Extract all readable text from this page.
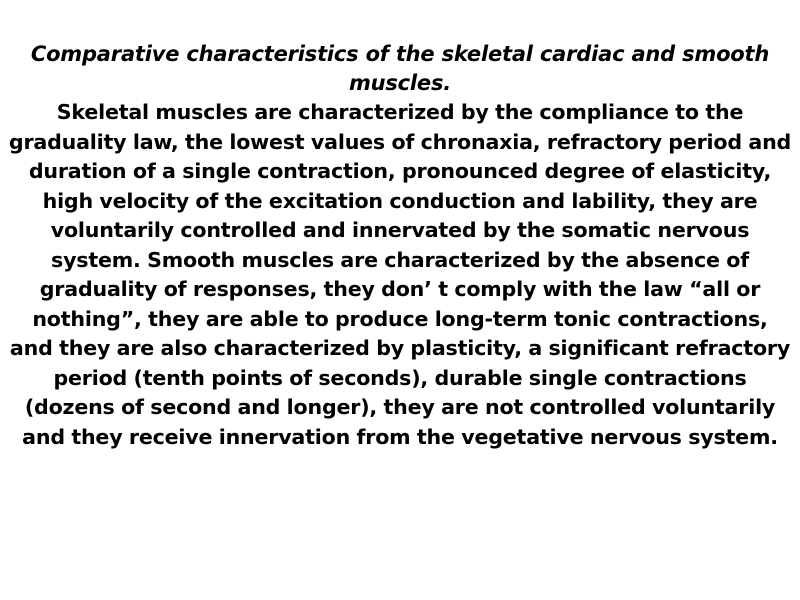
Comparative characteristics of the skeletal cardiac and smooth muscles.

Skeletal muscles are characterized by the compliance to the graduality law, the lowest values of chronaxia, refractory period and duration of a single contraction, pronounced degree of elasticity, high velocity of the excitation conduction and lability, they are voluntarily controlled and innervated by the somatic nervous system. Smooth muscles are characterized by the absence of graduality of responses, they don’ t comply with the law “all or nothing”, they are able to produce long-term tonic contractions, and they are also characterized by plasticity, a significant refractory period (tenth points of seconds), durable single contractions (dozens of second and longer), they are not controlled voluntarily and they receive innervation from the vegetative nervous system.
